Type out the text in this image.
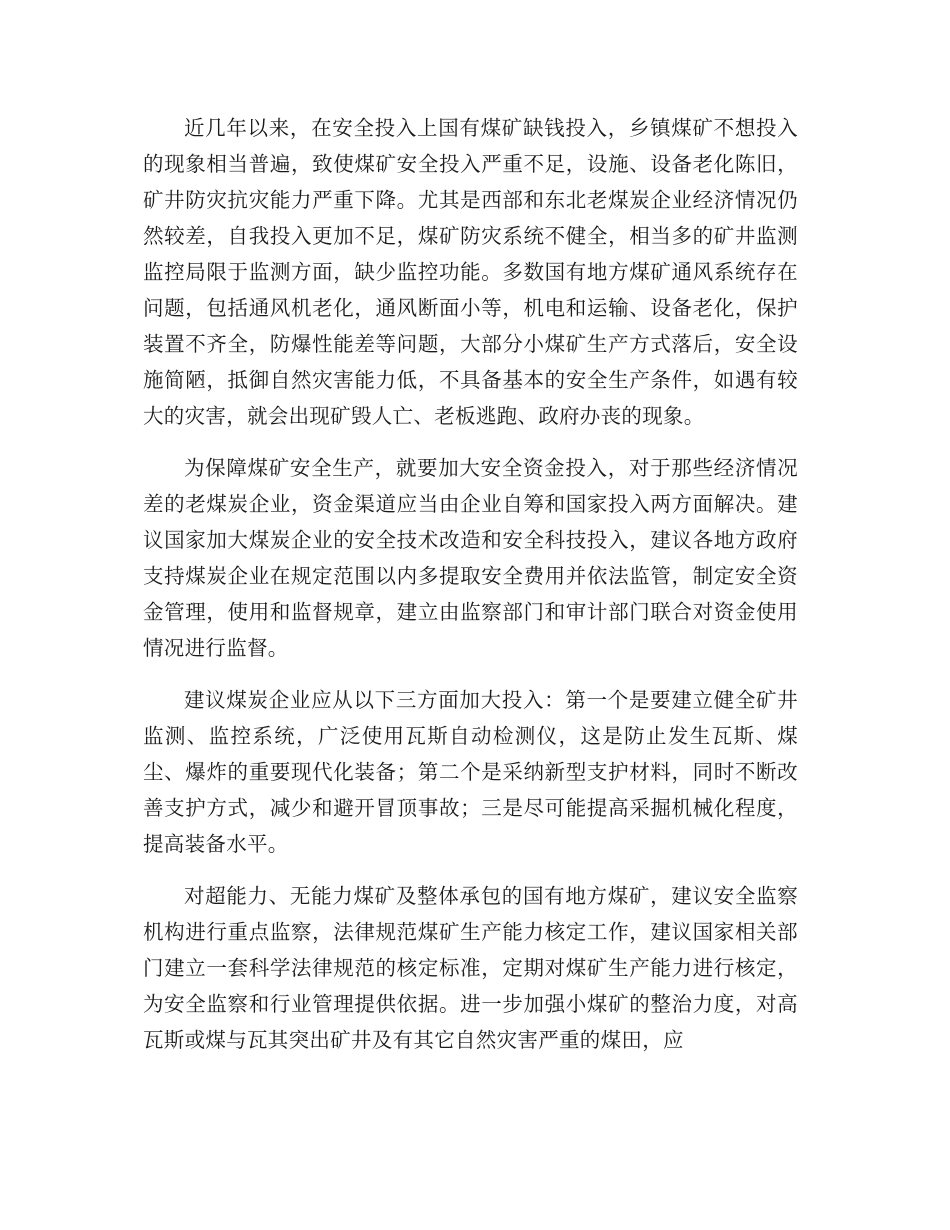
近几年以来，在安全投入上国有煤矿缺钱投入，乡镇煤矿不想投入的现象相当普遍，致使煤矿安全投入严重不足，设施、设备老化陈旧，矿井防灾抗灾能力严重下降。尤其是西部和东北老煤炭企业经济情况仍然较差，自我投入更加不足，煤矿防灾系统不健全，相当多的矿井监测监控局限于监测方面，缺少监控功能。多数国有地方煤矿通风系统存在问题，包括通风机老化，通风断面小等，机电和运输、设备老化，保护装置不齐全，防爆性能差等问题，大部分小煤矿生产方式落后，安全设施简陋，抵御自然灾害能力低，不具备基本的安全生产条件，如遇有较大的灾害，就会出现矿毁人亡、老板逃跑、政府办丧的现象。

为保障煤矿安全生产，就要加大安全资金投入，对于那些经济情况差的老煤炭企业，资金渠道应当由企业自筹和国家投入两方面解决。建议国家加大煤炭企业的安全技术改造和安全科技投入，建议各地方政府支持煤炭企业在规定范围以内多提取安全费用并依法监管，制定安全资金管理，使用和监督规章，建立由监察部门和审计部门联合对资金使用情况进行监督。

建议煤炭企业应从以下三方面加大投入：第一个是要建立健全矿井监测、监控系统，广泛使用瓦斯自动检测仪，这是防止发生瓦斯、煤尘、爆炸的重要现代化装备；第二个是采纳新型支护材料，同时不断改善支护方式，减少和避开冒顶事故；三是尽可能提高采掘机械化程度，提高装备水平。

对超能力、无能力煤矿及整体承包的国有地方煤矿，建议安全监察机构进行重点监察，法律规范煤矿生产能力核定工作，建议国家相关部门建立一套科学法律规范的核定标准，定期对煤矿生产能力进行核定，为安全监察和行业管理提供依据。进一步加强小煤矿的整治力度，对高瓦斯或煤与瓦其突出矿井及有其它自然灾害严重的煤田，应
